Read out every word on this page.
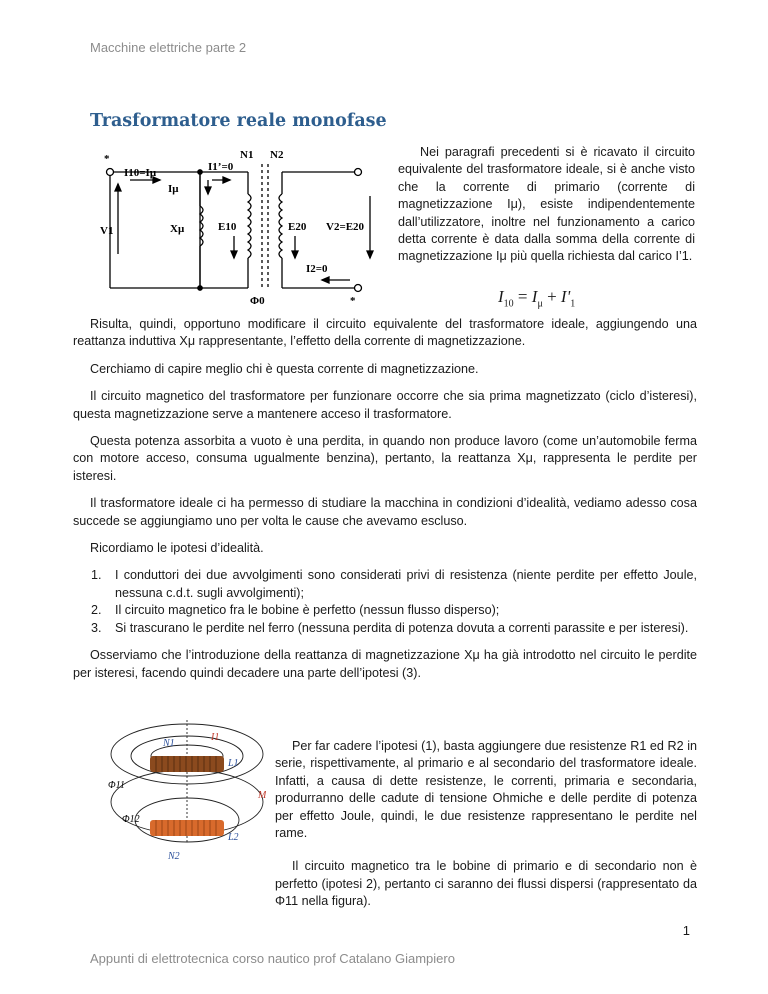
Macchine elettriche parte 2
Trasformatore reale monofase
*
*
N1 N2
I10=Iμ	I1’=0
Iμ
V1	Xμ	E10	E20 V2=E20
I2=0
Φ0

Nei paragrafi precedenti si è ricavato il circuito equivalente del trasformatore ideale, si è anche visto che la corrente di primario (corrente di magnetizzazione Iμ), esiste indipendentemente dall’utilizzatore, inoltre nel funzionamento a carico detta corrente è data dalla somma della corrente di magnetizzazione Iμ più quella richiesta dal carico I’1.

$I_{10} = I_\mu + I'_1$

Risulta, quindi, opportuno modificare il circuito equivalente del trasformatore ideale, aggiungendo una reattanza induttiva Xμ rappresentante, l’effetto della corrente di magnetizzazione.

Cerchiamo di capire meglio chi è questa corrente di magnetizzazione.

Il circuito magnetico del trasformatore per funzionare occorre che sia prima magnetizzato (ciclo d’isteresi), questa magnetizzazione serve a mantenere acceso il trasformatore.

Questa potenza assorbita a vuoto è una perdita, in quando non produce lavoro (come un’automobile ferma con motore acceso, consuma ugualmente benzina), pertanto, la reattanza Xμ, rappresenta le perdite per isteresi.

Il trasformatore ideale ci ha permesso di studiare la macchina in condizioni d’idealità, vediamo adesso cosa succede se aggiungiamo uno per volta le cause che avevamo escluso.

Ricordiamo le ipotesi d’idealità.

1. I conduttori dei due avvolgimenti sono considerati privi di resistenza (niente perdite per effetto Joule, nessuna c.d.t. sugli avvolgimenti);
2. Il circuito magnetico fra le bobine è perfetto (nessun flusso disperso);
3. Si trascurano le perdite nel ferro (nessuna perdita di potenza dovuta a correnti parassite e per isteresi).

Osserviamo che l’introduzione della reattanza di magnetizzazione Xμ ha già introdotto nel circuito le perdite per isteresi, facendo quindi decadere una parte dell’ipotesi (3).

N1
I1
L1
Φ11
M
Φ12
L2
N2

Per far cadere l’ipotesi (1), basta aggiungere due resistenze R1 ed R2 in serie, rispettivamente, al primario e al secondario del trasformatore ideale. Infatti, a causa di dette resistenze, le correnti, primaria e secondaria, produrranno delle cadute di tensione Ohmiche e delle perdite di potenza per effetto Joule, quindi, le due resistenze rappresentano le perdite nel rame.

Il circuito magnetico tra le bobine di primario e di secondario non è perfetto (ipotesi 2), pertanto ci saranno dei flussi dispersi (rappresentato da Φ11 nella figura).

1
Appunti di elettrotecnica corso nautico prof Catalano Giampiero
